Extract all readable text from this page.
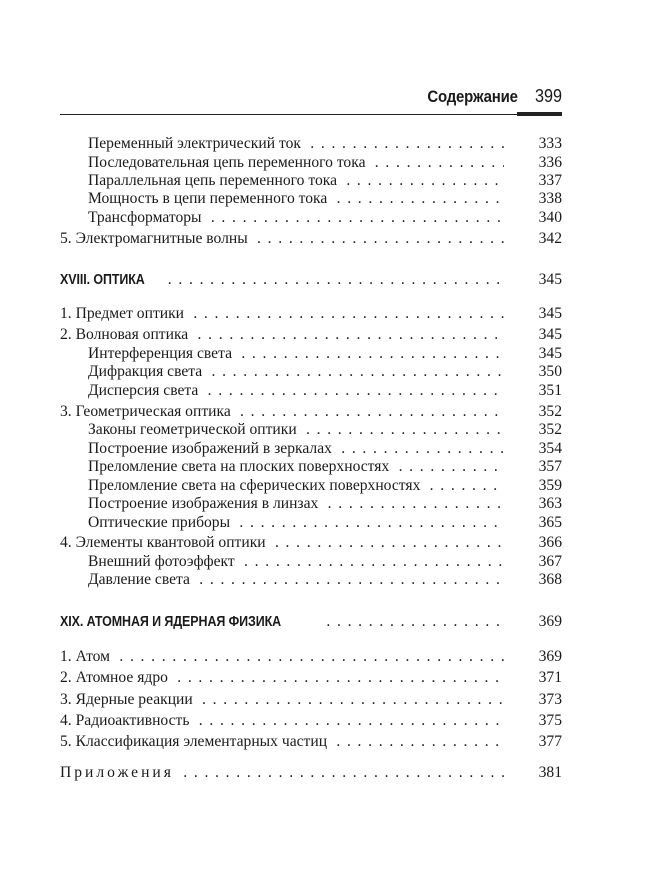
Содержание 399
Переменный электрический ток . . .	333
Последовательная цепь переменного тока . . .	336
Параллельная цепь переменного тока . . .	337
Мощность в цепи переменного тока . . .	338
Трансформаторы . . .	340
5. Электромагнитные волны . . .	342
XVIII. ОПТИКА . . .	345
1. Предмет оптики . . .	345
2. Волновая оптика . . .	345
Интерференция света . . .	345
Дифракция света . . .	350
Дисперсия света . . .	351
3. Геометрическая оптика . . .	352
Законы геометрической оптики . . .	352
Построение изображений в зеркалах . . .	354
Преломление света на плоских поверхностях . . .	357
Преломление света на сферических поверхностях . . .	359
Построение изображения в линзах . . .	363
Оптические приборы . . .	365
4. Элементы квантовой оптики . . .	366
Внешний фотоэффект . . .	367
Давление света . . .	368
XIX. АТОМНАЯ И ЯДЕРНАЯ ФИЗИКА . . .	369
1. Атом . . .	369
2. Атомное ядро . . .	371
3. Ядерные реакции . . .	373
4. Радиоактивность . . .	375
5. Классификация элементарных частиц . . .	377
Приложения . . .	381
